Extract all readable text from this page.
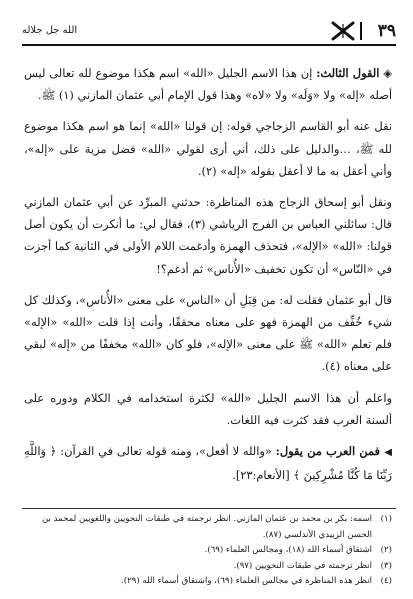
٣٩
الله جل جلاله

◈ القول الثالث: إن هذا الاسم الجليل «الله» اسم هكذا موضوع لله تعالى ليس أصله «إله» ولا «وَلَه» ولا «لاه» وهذا قول الإمام أبي عثمان المازني (١) ﷺ.

نقل عنه أبو القاسم الزجاجي قوله: إن قولنا «الله» إنما هو اسم هكذا موضوع لله ﷺ، …والدليل على ذلك، أني أرى لقولي «الله» فضل مزية على «إله»، وأني أعقل به ما لا أعقل بقوله «إله» (٢).

ونقل أبو إسحاق الزجاج هذه المناظرة: حدثني المبرِّد عن أبي عثمان المازني قال: سائلني العباس بن الفرج الرياشي (٣)، فقال لي: ما أنكرت أن يكون أصل قولنا: «الله» «الإله»، فتحذف الهمزة وأدغمت اللام الأولى في الثانية كما أجزت في «النّاس» أن تكون تخفيف «الأُناس» ثم أدغم؟!

قال أبو عثمان فقلت له: من قِبَلِ أن «الناس» على معنى «الأُناس»، وكذلك كل شيء خُفِّف من الهمزة فهو على معناه محققًا، وأنت إذا قلت «الله» «الإله» فلم تعلم «الله» ﷺ على معنى «الإله»، فلو كان «الله» مخففًا من «إله» لبقي على معناه (٤).

واعلم أن هذا الاسم الجليل «الله» لكثرة استخدامه في الكلام ودوره على ألسنة العرب فقد كثرت فيه اللغات.

◀فمن العرب من يقول: «والله لا أفعل»، ومنه قوله تعالى في القرآن: ﴿ وَاللَّهِ رَبِّنَا مَا كُنَّا مُشْرِكِينَ ﴾ [الأنعام:٢٣].

(١)
اسمه: بكر بن محمد بن عثمان المازني. انظر ترجمته في طبقات النحويين واللغويين لمحمد بن الحسن الزبيدي الأندلسي (٨٧).
(٢)
اشتقاق أسماء الله (١٨)، ومجالس العلماء (٦٩).
(٣)
انظر ترجمته في طبقات النحويين (٩٧).
(٤)
انظر هذه المناظرة في مجالس العلماء (٦٩)، واشتقاق أسماء الله (٢٩).
